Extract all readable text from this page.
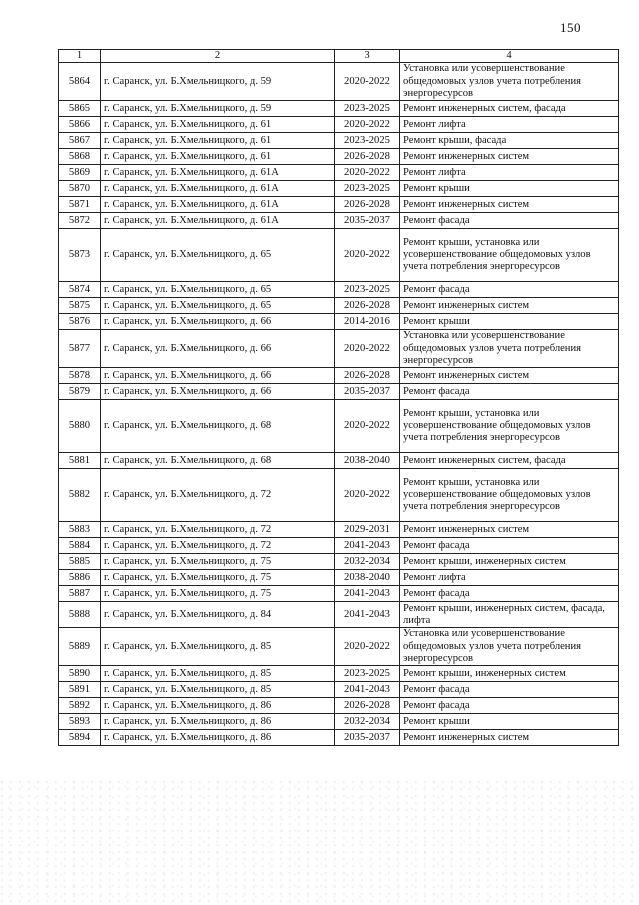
150
1	2	3	4
5864	г. Саранск, ул. Б.Хмельницкого, д. 59	2020-2022	Установка или усовершенствование общедомовых узлов учета потребления энергоресурсов
5865	г. Саранск, ул. Б.Хмельницкого, д. 59	2023-2025	Ремонт инженерных систем, фасада
5866	г. Саранск, ул. Б.Хмельницкого, д. 61	2020-2022	Ремонт лифта
5867	г. Саранск, ул. Б.Хмельницкого, д. 61	2023-2025	Ремонт крыши, фасада
5868	г. Саранск, ул. Б.Хмельницкого, д. 61	2026-2028	Ремонт инженерных систем
5869	г. Саранск, ул. Б.Хмельницкого, д. 61А	2020-2022	Ремонт лифта
5870	г. Саранск, ул. Б.Хмельницкого, д. 61А	2023-2025	Ремонт крыши
5871	г. Саранск, ул. Б.Хмельницкого, д. 61А	2026-2028	Ремонт инженерных систем
5872	г. Саранск, ул. Б.Хмельницкого, д. 61А	2035-2037	Ремонт фасада
5873	г. Саранск, ул. Б.Хмельницкого, д. 65	2020-2022	Ремонт крыши, установка или усовершенствование общедомовых узлов учета потребления энергоресурсов
5874	г. Саранск, ул. Б.Хмельницкого, д. 65	2023-2025	Ремонт фасада
5875	г. Саранск, ул. Б.Хмельницкого, д. 65	2026-2028	Ремонт инженерных систем
5876	г. Саранск, ул. Б.Хмельницкого, д. 66	2014-2016	Ремонт крыши
5877	г. Саранск, ул. Б.Хмельницкого, д. 66	2020-2022	Установка или усовершенствование общедомовых узлов учета потребления энергоресурсов
5878	г. Саранск, ул. Б.Хмельницкого, д. 66	2026-2028	Ремонт инженерных систем
5879	г. Саранск, ул. Б.Хмельницкого, д. 66	2035-2037	Ремонт фасада
5880	г. Саранск, ул. Б.Хмельницкого, д. 68	2020-2022	Ремонт крыши, установка или усовершенствование общедомовых узлов учета потребления энергоресурсов
5881	г. Саранск, ул. Б.Хмельницкого, д. 68	2038-2040	Ремонт инженерных систем, фасада
5882	г. Саранск, ул. Б.Хмельницкого, д. 72	2020-2022	Ремонт крыши, установка или усовершенствование общедомовых узлов учета потребления энергоресурсов
5883	г. Саранск, ул. Б.Хмельницкого, д. 72	2029-2031	Ремонт инженерных систем
5884	г. Саранск, ул. Б.Хмельницкого, д. 72	2041-2043	Ремонт фасада
5885	г. Саранск, ул. Б.Хмельницкого, д. 75	2032-2034	Ремонт крыши, инженерных систем
5886	г. Саранск, ул. Б.Хмельницкого, д. 75	2038-2040	Ремонт лифта
5887	г. Саранск, ул. Б.Хмельницкого, д. 75	2041-2043	Ремонт фасада
5888	г. Саранск, ул. Б.Хмельницкого, д. 84	2041-2043	Ремонт крыши, инженерных систем, фасада, лифта
5889	г. Саранск, ул. Б.Хмельницкого, д. 85	2020-2022	Установка или усовершенствование общедомовых узлов учета потребления энергоресурсов
5890	г. Саранск, ул. Б.Хмельницкого, д. 85	2023-2025	Ремонт крыши, инженерных систем
5891	г. Саранск, ул. Б.Хмельницкого, д. 85	2041-2043	Ремонт фасада
5892	г. Саранск, ул. Б.Хмельницкого, д. 86	2026-2028	Ремонт фасада
5893	г. Саранск, ул. Б.Хмельницкого, д. 86	2032-2034	Ремонт крыши
5894	г. Саранск, ул. Б.Хмельницкого, д. 86	2035-2037	Ремонт инженерных систем
